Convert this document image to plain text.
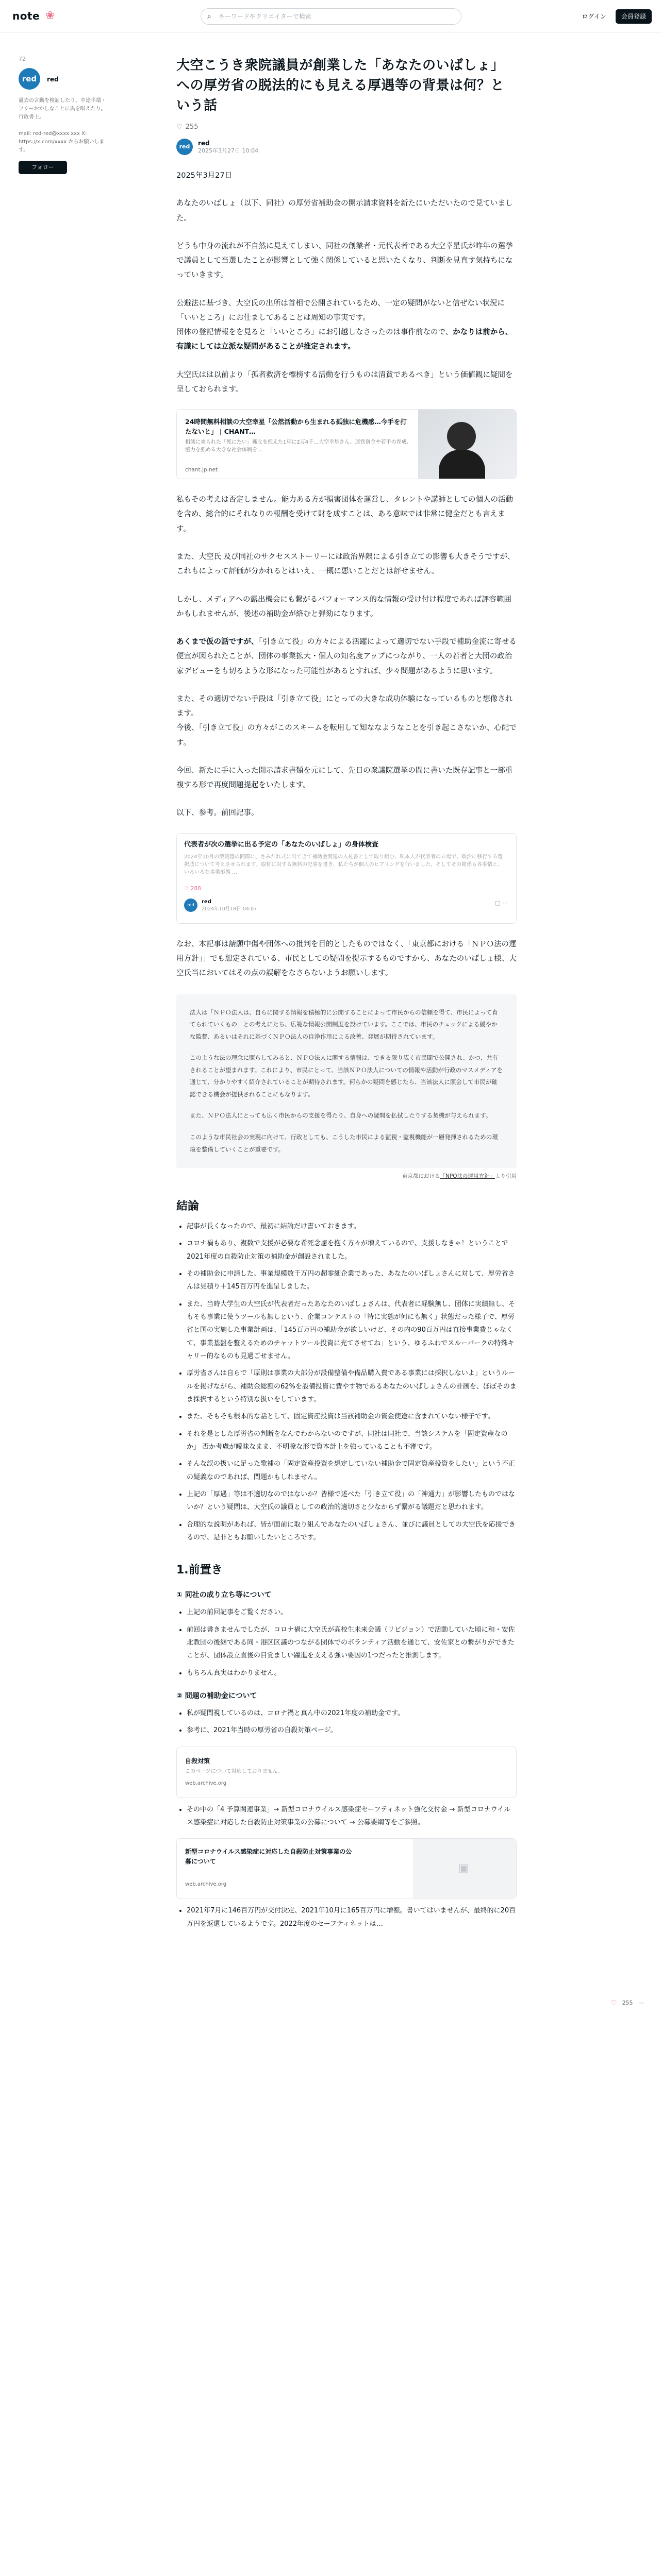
note ❀	⌕ キーワードやクリエイターで検索	ログイン	会員登録
72
red	red
過去の言動を検証したり、中途半端・フリーおかしなことに異を唱えたり。行政書士。
mail: red-red@xxxx.xxx X: https://x.com/xxxx からお願いします。
フォロー
大空こうき衆院議員が創業した「あなたのいばしょ」への厚労省の脱法的にも見える厚遇等の背景は何？という話
♡ 255
red	red
2025年3月27日 10:04

2025年3月27日

あなたのいばしょ（以下、同社）の厚労省補助金の開示請求資料を新たにいただいたので見ていました。

どうも中身の流れが不自然に見えてしまい、同社の創業者・元代表者である大空幸星氏が昨年の選挙で議員として当選したことが影響として強く関係していると思いたくなり、判断を見直す気持ちになっていきます。

公避法に基づき、大空氏の出所は首相で公開されているため、一定の疑問がないと信ぜない状況に「いいところ」にお仕ましてあることは周知の事実です。
団体の登記情報をを見ると「いいところ」にお引越しなさったのは事件前なので、かなりは前から、有識にしては立派な疑問があることが推定されます。

大空氏はは以前より「孤者救済を標榜する活動を行うものは清貧であるべき」という価値観に疑問を呈しておられます。

24時間無料相談の大空幸星「公然活動から生まれる孤独に危機感…今手を打たないと」 | CHANT…
相談に来られた「死にたい」孤立を抱えた1年に2万4千…大空幸星さん、運営資金や若手の育成、協力を強める大きな社会体制を…
chant.jp.net

私もその考えは否定しません。能力ある方が損害団体を運営し、タレントや講師としての個人の活動を含め、総合的にそれなりの報酬を受けて財を成すことは、ある意味では非常に健全だとも言えます。

また、大空氏 及び同社のサクセスストーリーには政治界隈による引き立ての影響も大きそうですが、これもによって評価が分かれるとはいえ、一概に悪いことだとは評せません。

しかし、メディアへの露出機会にも繋がるパフォーマンス的な情報の受け付け程度であれば評容範囲かもしれませんが、後述の補助金が絡むと弾劾になります。

あくまで仮の話ですが、「引き立て役」の方々による活躍によって適切でない手段で補助金流に寄せる便宜が図られたことが、団体の事業拡大・個人の知名度アップにつながり、一人の若者と大団の政治家デビューをも切るような形になった可能性があるとすれば、少々問題があるように思います。

また、その適切でない手段は「引き立て役」にとっての大きな成功体験になっているものと想像されます。
今後、「引き立て役」の方々がこのスキームを転用して知ななようなことを引き起こさないか、心配です。

今回、新たに手に入った開示請求書類を元にして、先日の衆議院選挙の間に書いた既存記事と一部重複する形で再度問題提起をいたします。

以下、参考。前回記事。

代表者が次の選挙に出る予定の「あなたのいばしょ」の身体検査
2024年10月の衆院選の間際に、さみだれ式に出てきて補助金関連の入札書として取り組む、私本人が代表者の立場で、政治に移行する選択肢について考えさせられます。取材に対する無料の記事を書き、私たちが個人のヒアリングを行いました。そしてその関係も各事情と、いろいろな事業形態 …
♡ 288
red
red
2024年10月18日 04:07
□ ⋯

なお、本記事は請願中傷や団体への批判を目的としたものではなく、「東京都における「ＮＰＯ法の運用方針」」でも想定されている、市民としての疑問を提示するものですから、あなたのいばしょ様、大空氏当においてはその点の誤解をなさらないようお願いします。

法人は「ＮＰＯ法人は、自らに関する情報を積極的に公開することによって市民からの信頼を得て、市民によって育てられていくもの」との考えにたち、広範な情報公開制度を設けています。ここでは、市民のチェックによる緩やかな監督、あるいはそれに基づくＮＰＯ法人の自浄作用による改善、発展が期待されています。

このような法の理念に照らしてみると、ＮＰＯ法人に関する情報は、できる限り広く市民間で公開され、かつ、共有されることが望まれます。これにより、市民にとって、当該ＮＰＯ法人についての情報や活動が行政のマスメディアを通じて、分かりやすく紹介されていることが期待されます。何らかの疑問を感じたら、当該法人に照会して市民が確認できる機会が提供されることにもなります。

また、ＮＰＯ法人にとっても広く市民からの支援を得たり、自身への疑問を払拭したりする契機が与えられます。

このような市民社会の実現に向けて、行政としても、こうした市民による監視・監視機能が一層発揮されるための環境を整備していくことが重要です。

東京都における「NPO法の運用方針」より引用
結論
• 記事が長くなったので、最初に結論だけ書いておきます。
• コロナ禍もあり、複数で支援が必要な希死念慮を抱く方々が増えているので、支援しなきゃ！ということで2021年度の自殺防止対策の補助金が創設されました。
• その補助金に申請した、事業規模数千万円の超零細企業であった、あなたのいばしょさんに対して、厚労省さんは見積り＋145百万円を進呈しました。
• また、当時大学生の大空氏が代表者だったあなたのいばしょさんは、代表者に経験無し、団体に実績無し、そもそも事業に使うツールも無しという、企業コンテストの「特に実態が何にも無く」状態だった様子で、厚労省と国の実施した事業計画は、「145百万円の補助金が欲しいけど、その内の90百万円は直接事業費じゃなくて、事業基盤を整えるためのチャットツール投資に充てさせてね」という、ゆるふわでスルーパークの特殊キャリー的なものも見過ごせません。
• 厚労省さんは自らで「原則は事業の大部分が設備整備や備品購入費である事業には採択しないよ」というルールを掲げながら、補助金総額の62%を設備投資に費やす物であるあなたのいばしょさんの計画を、ほぼそのまま採択するという特別な扱いをしています。
• また、そもそも根本的な話として、固定資産投資は当該補助金の資金使途に含まれていない様子です。
• それを是とした厚労省の判断をなんでわからないのですが、同社は同社で、当該システムを「固定資産なのか」 否か考慮が曖昧なまま、不明瞭な形で資本計上を強っていることも不審です。
• そんな誤の扱いに足った歌補の「固定資産投資を想定していない補助金で固定資産投資をしたい」という不正の疑義なのであれば、問題かもしれません。
• 上記の「厚遇」等は不適切なのではないか？皆様で述べた「引き立て役」の「神通力」が影響したものではないか？という疑問は、大空氏の議員としての政治的適切さと少なからず繋がる議題だと思われます。
• 合理的な説明があれば、皆が面前に取り組んであなたのいばしょさん、並びに議員としての大空氏を応援できるので、是非ともお願いしたいところです。
1.前置き
① 同社の成り立ち等について
• 上記の前回記事をご覧ください。
• 前回は書きませんでしたが、コロナ禍に大空氏が高校生未来会議（リビジョン）で活動していた頃に和・安佐北教団の後継である同・港区区議のつながる団体でのボランティア活動を通じて、安佐家との繋がりができたことが、団体設立直後の目覚ましい躍進を支える強い要因の1つだったと推測します。
• もちろん真実はわかりません。
② 問題の補助金について
• 私が疑問視しているのは、コロナ禍と真ん中の2021年度の補助金です。
• 参考に、2021年当時の厚労省の自殺対策ページ。
自殺対策
このページについて対応しておりません。
web.archive.org
• その中の「4 予算関連事業」→ 新型コロナウイルス感染症セーフティネット強化交付金 → 新型コロナウイルス感染症に対応した自殺防止対策事業の公募について → 公募要綱等をご参照。
新型コロナウイルス感染症に対応した自殺防止対策事業の公募について
web.archive.org
▣
• 2021年7月に146百万円が交付決定、2021年10月に165百万円に増額。書いてはいませんが、最終的に20百万円を返還しているようです。2022年度のセーフティネットは…
♡ 255 ⋯
